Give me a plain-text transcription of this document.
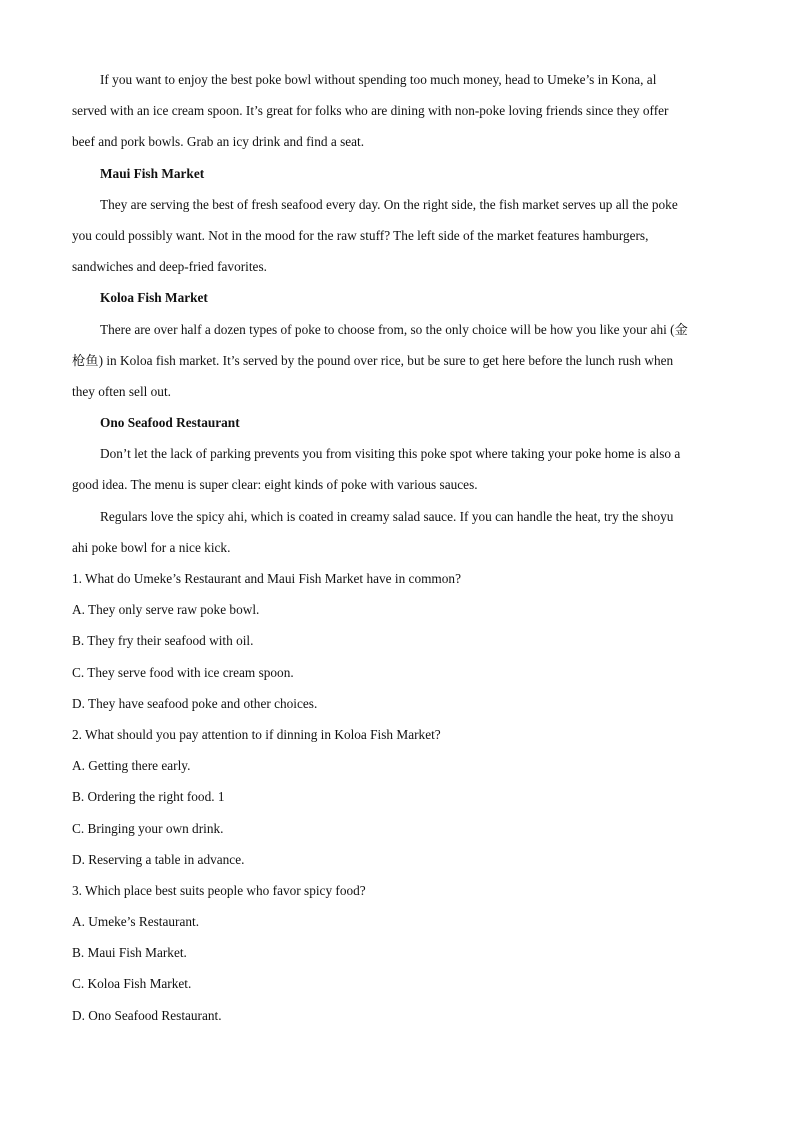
If you want to enjoy the best poke bowl without spending too much money, head to Umeke’s in Kona, al

served with an ice cream spoon. It’s great for folks who are dining with non-poke loving friends since they offer

beef and pork bowls. Grab an icy drink and find a seat.

Maui Fish Market

They are serving the best of fresh seafood every day. On the right side, the fish market serves up all the poke

you could possibly want. Not in the mood for the raw stuff? The left side of the market features hamburgers,

sandwiches and deep-fried favorites.

Koloa Fish Market

There are over half a dozen types of poke to choose from, so the only choice will be how you like your ahi (金

枪鱼) in Koloa fish market. It’s served by the pound over rice, but be sure to get here before the lunch rush when

they often sell out.

Ono Seafood Restaurant

Don’t let the lack of parking prevents you from visiting this poke spot where taking your poke home is also a

good idea. The menu is super clear: eight kinds of poke with various sauces.

Regulars love the spicy ahi, which is coated in creamy salad sauce. If you can handle the heat, try the shoyu

ahi poke bowl for a nice kick.

1. What do Umeke’s Restaurant and Maui Fish Market have in common?

A. They only serve raw poke bowl.

B. They fry their seafood with oil.

C. They serve food with ice cream spoon.

D. They have seafood poke and other choices.

2. What should you pay attention to if dinning in Koloa Fish Market?

A. Getting there early.

B. Ordering the right food. 1

C. Bringing your own drink.

D. Reserving a table in advance.

3. Which place best suits people who favor spicy food?

A. Umeke’s Restaurant.

B. Maui Fish Market.

C. Koloa Fish Market.

D. Ono Seafood Restaurant.
